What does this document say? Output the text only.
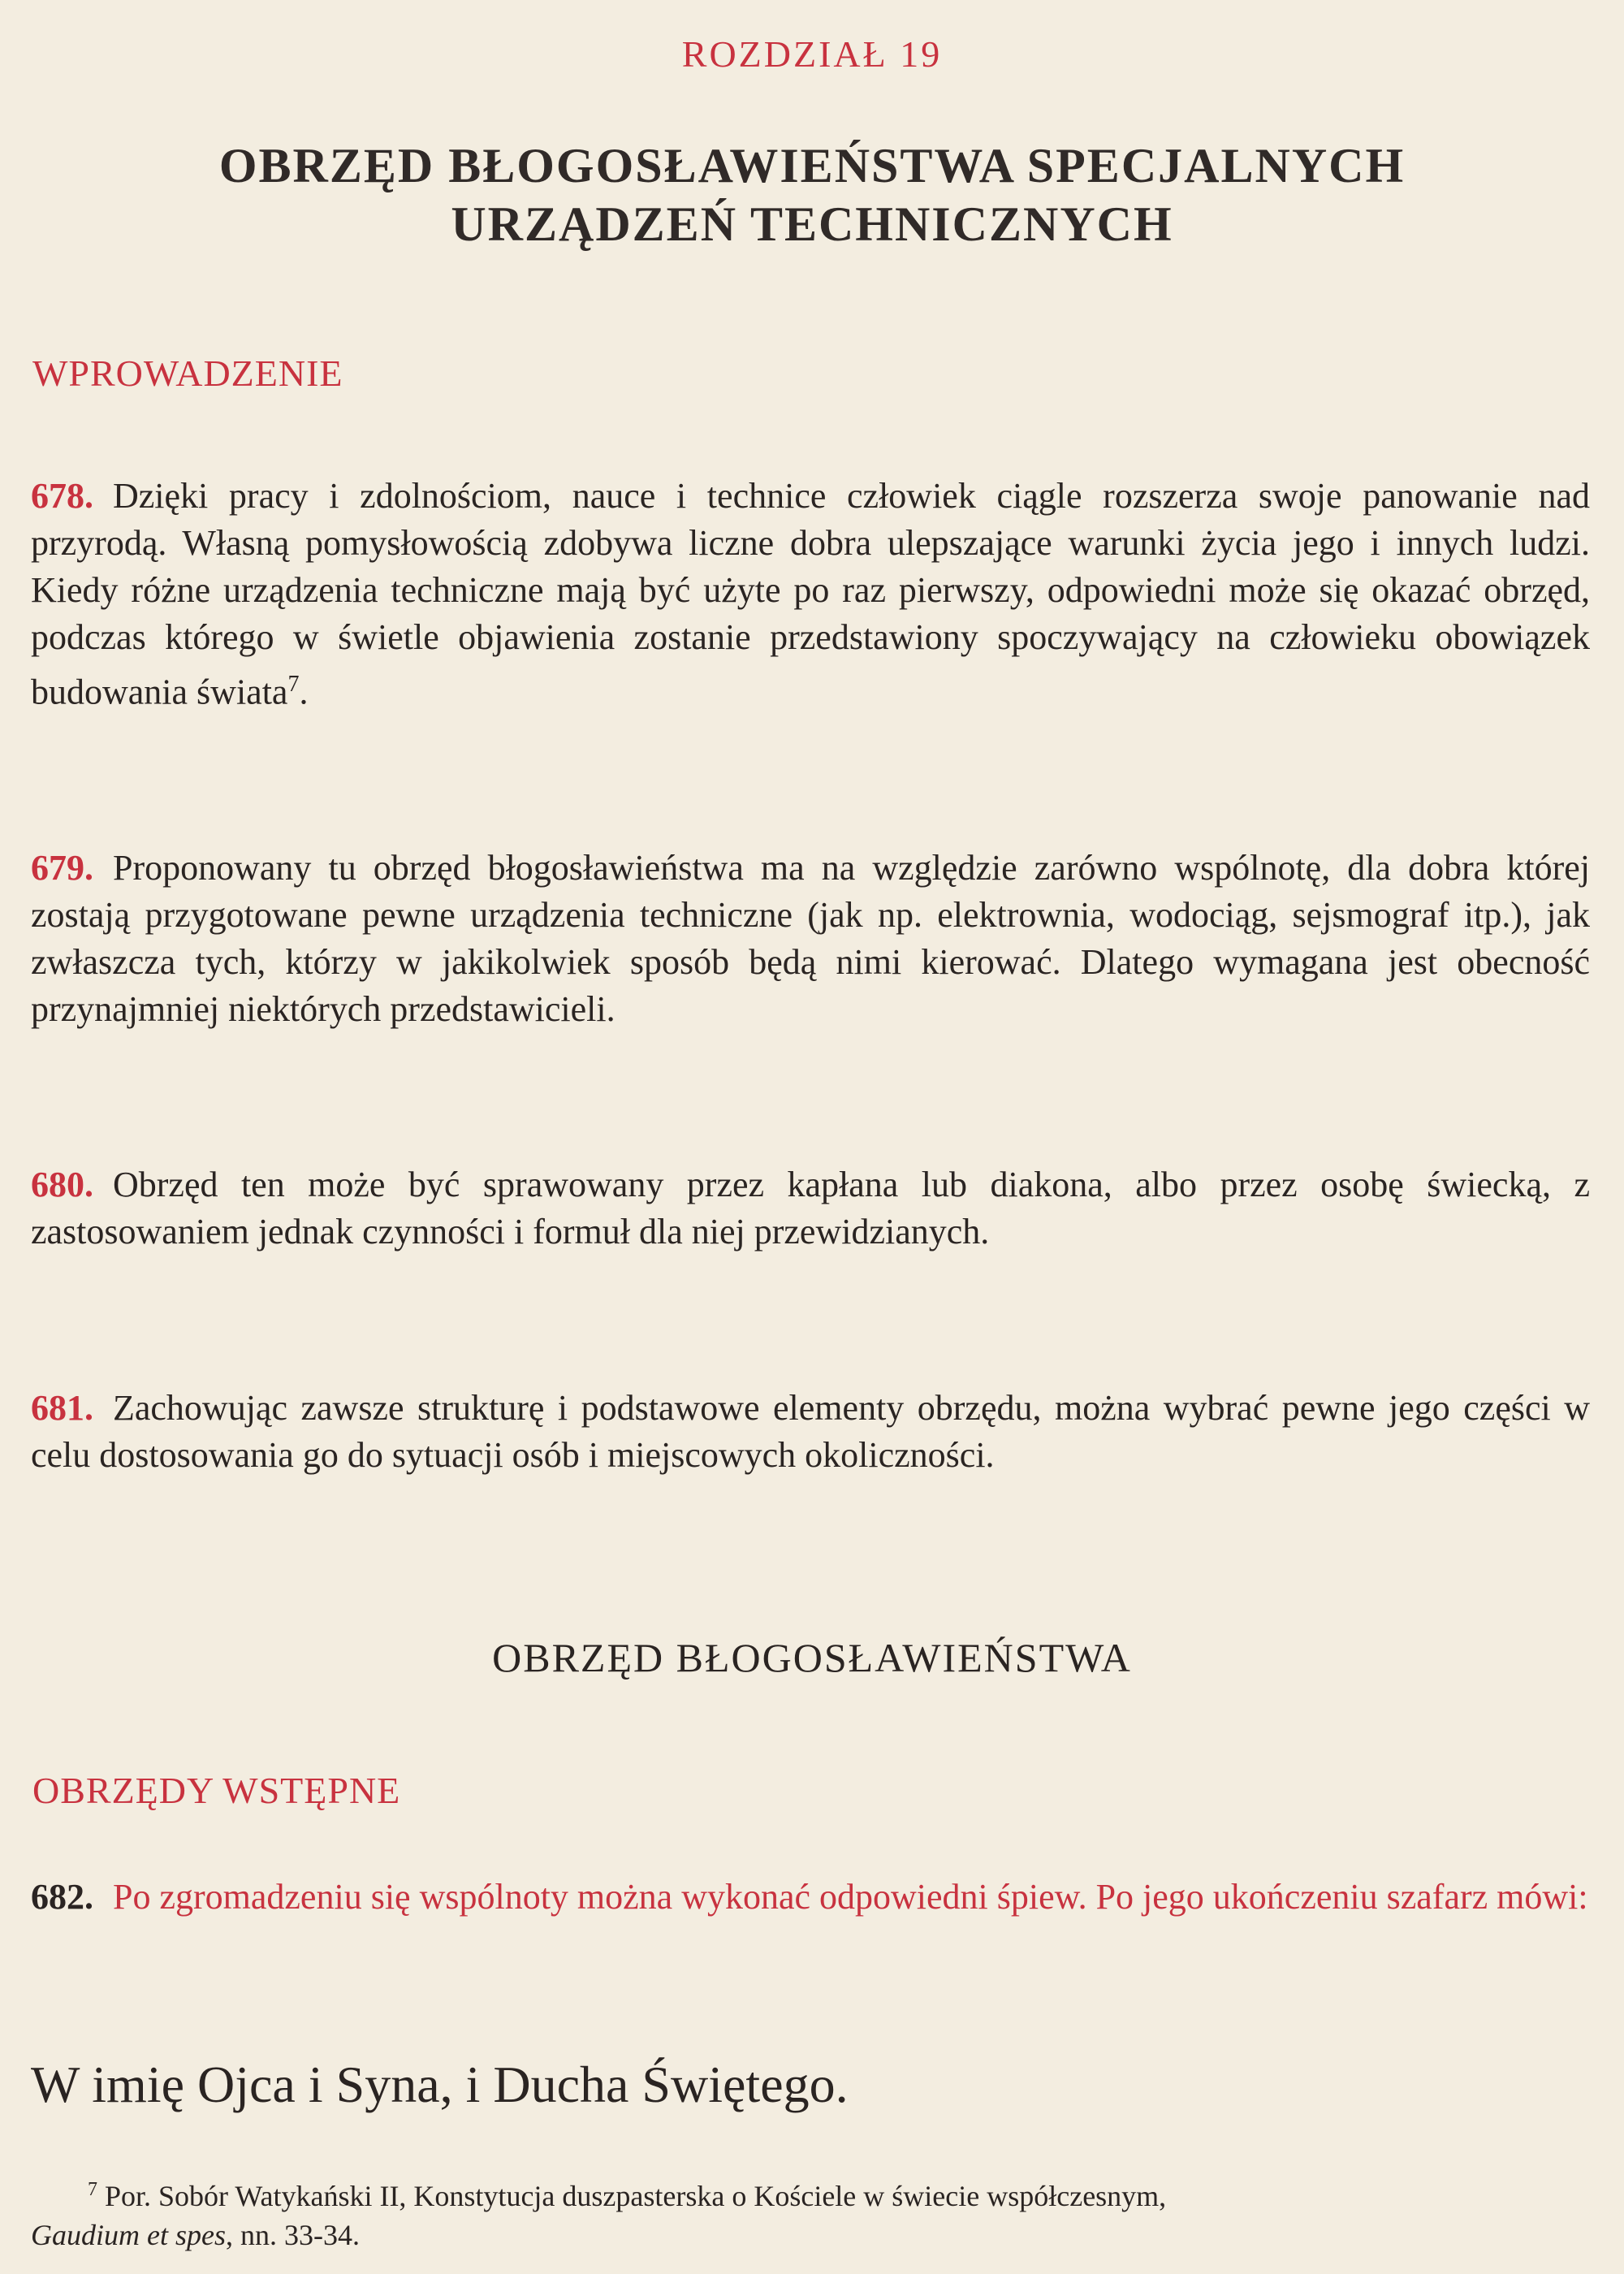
ROZDZIAŁ 19
OBRZĘD BŁOGOSŁAWIEŃSTWA SPECJALNYCH
URZĄDZEŃ TECHNICZNYCH
WPROWADZENIE

678. Dzięki pracy i zdolnościom, nauce i technice człowiek ciągle rozszerza swoje panowanie nad przyrodą. Własną pomysłowością zdobywa liczne dobra ulepszające warunki życia jego i innych ludzi. Kiedy różne urządzenia techniczne mają być użyte po raz pierwszy, odpowiedni może się okazać obrzęd, podczas którego w świetle objawienia zostanie przedstawiony spoczywający na człowieku obowiązek budowania świata$^7$.

679. Proponowany tu obrzęd błogosławieństwa ma na względzie zarówno wspólnotę, dla dobra której zostają przygotowane pewne urządzenia techniczne (jak np. elektrownia, wodociąg, sejsmograf itp.), jak zwłaszcza tych, którzy w jakikolwiek sposób będą nimi kierować. Dlatego wymagana jest obecność przynajmniej niektórych przedstawicieli.

680. Obrzęd ten może być sprawowany przez kapłana lub diakona, albo przez osobę świecką, z zastosowaniem jednak czynności i formuł dla niej przewidzianych.

681. Zachowując zawsze strukturę i podstawowe elementy obrzędu, można wybrać pewne jego części w celu dostosowania go do sytuacji osób i miejscowych okoliczności.

OBRZĘD BŁOGOSŁAWIEŃSTWA
OBRZĘDY WSTĘPNE

682. Po zgromadzeniu się wspólnoty można wykonać odpowiedni śpiew. Po jego ukończeniu szafarz mówi:

W imię Ojca i Syna, i Ducha Świętego.
$^7$ Por. Sobór Watykański II, Konstytucja duszpasterska o Kościele w świecie współczesnym,
Gaudium et spes, nn. 33-34.
